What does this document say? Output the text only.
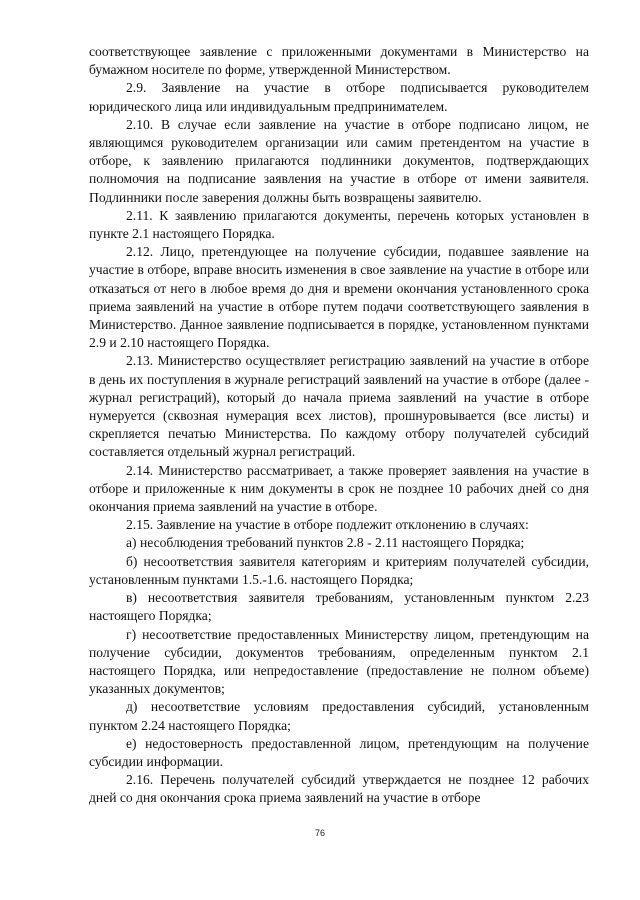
соответствующее заявление с приложенными документами в Министерство на бумажном носителе по форме, утвержденной Министерством.

2.9. Заявление на участие в отборе подписывается руководителем юридического лица или индивидуальным предпринимателем.

2.10. В случае если заявление на участие в отборе подписано лицом, не являющимся руководителем организации или самим претендентом на участие в отборе, к заявлению прилагаются подлинники документов, подтверждающих полномочия на подписание заявления на участие в отборе от имени заявителя. Подлинники после заверения должны быть возвращены заявителю.

2.11. К заявлению прилагаются документы, перечень которых установлен в пункте 2.1 настоящего Порядка.

2.12. Лицо, претендующее на получение субсидии, подавшее заявление на участие в отборе, вправе вносить изменения в свое заявление на участие в отборе или отказаться от него в любое время до дня и времени окончания установленного срока приема заявлений на участие в отборе путем подачи соответствующего заявления в Министерство. Данное заявление подписывается в порядке, установленном пунктами 2.9 и 2.10 настоящего Порядка.

2.13. Министерство осуществляет регистрацию заявлений на участие в отборе в день их поступления в журнале регистраций заявлений на участие в отборе (далее - журнал регистраций), который до начала приема заявлений на участие в отборе нумеруется (сквозная нумерация всех листов), прошнуровывается (все листы) и скрепляется печатью Министерства. По каждому отбору получателей субсидий составляется отдельный журнал регистраций.

2.14. Министерство рассматривает, а также проверяет заявления на участие в отборе и приложенные к ним документы в срок не позднее 10 рабочих дней со дня окончания приема заявлений на участие в отборе.

2.15. Заявление на участие в отборе подлежит отклонению в случаях:

а) несоблюдения требований пунктов 2.8 - 2.11 настоящего Порядка;

б) несоответствия заявителя категориям и критериям получателей субсидии, установленным пунктами 1.5.-1.6. настоящего Порядка;

в) несоответствия заявителя требованиям, установленным пунктом 2.23 настоящего Порядка;

г) несоответствие предоставленных Министерству лицом, претендующим на получение субсидии, документов требованиям, определенным пунктом 2.1 настоящего Порядка, или непредоставление (предоставление не полном объеме) указанных документов;

д) несоответствие условиям предоставления субсидий, установленным пунктом 2.24 настоящего Порядка;

е) недостоверность предоставленной лицом, претендующим на получение субсидии информации.

2.16. Перечень получателей субсидий утверждается не позднее 12 рабочих дней со дня окончания срока приема заявлений на участие в отборе

76
